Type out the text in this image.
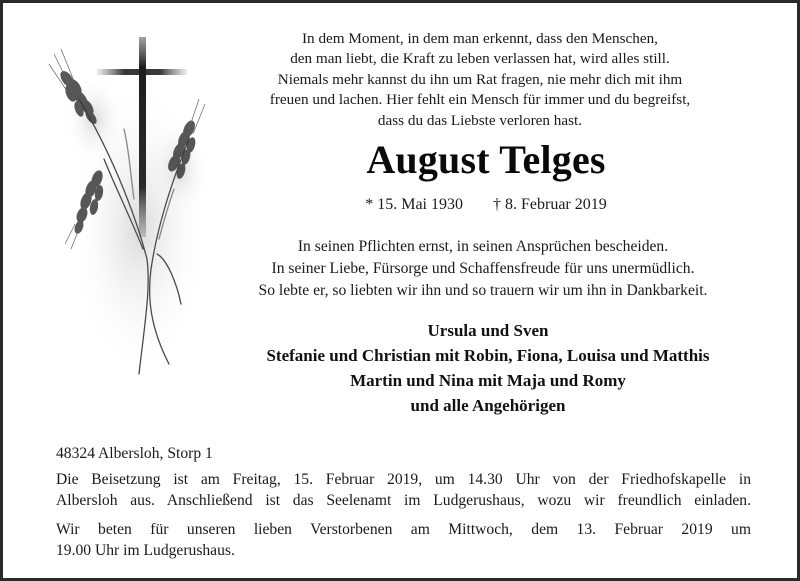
In dem Moment, in dem man erkennt, dass den Menschen,
den man liebt, die Kraft zu leben verlassen hat, wird alles still.
Niemals mehr kannst du ihn um Rat fragen, nie mehr dich mit ihm
freuen und lachen. Hier fehlt ein Mensch für immer und du begreifst,
dass du das Liebste verloren hast.
August Telges
* 15. Mai 1930 † 8. Februar 2019
In seinen Pflichten ernst, in seinen Ansprüchen bescheiden.
In seiner Liebe, Fürsorge und Schaffensfreude für uns unermüdlich.
So lebte er, so liebten wir ihn und so trauern wir um ihn in Dankbarkeit.
Ursula und Sven
Stefanie und Christian mit Robin, Fiona, Louisa und Matthis
Martin und Nina mit Maja und Romy
und alle Angehörigen
48324 Albersloh, Storp 1
Die Beisetzung ist am Freitag, 15. Februar 2019, um 14.30 Uhr von der Friedhofskapelle in
Albersloh aus. Anschließend ist das Seelenamt im Ludgerushaus, wozu wir freundlich einladen.
Wir beten für unseren lieben Verstorbenen am Mittwoch, dem 13. Februar 2019 um
19.00 Uhr im Ludgerushaus.
